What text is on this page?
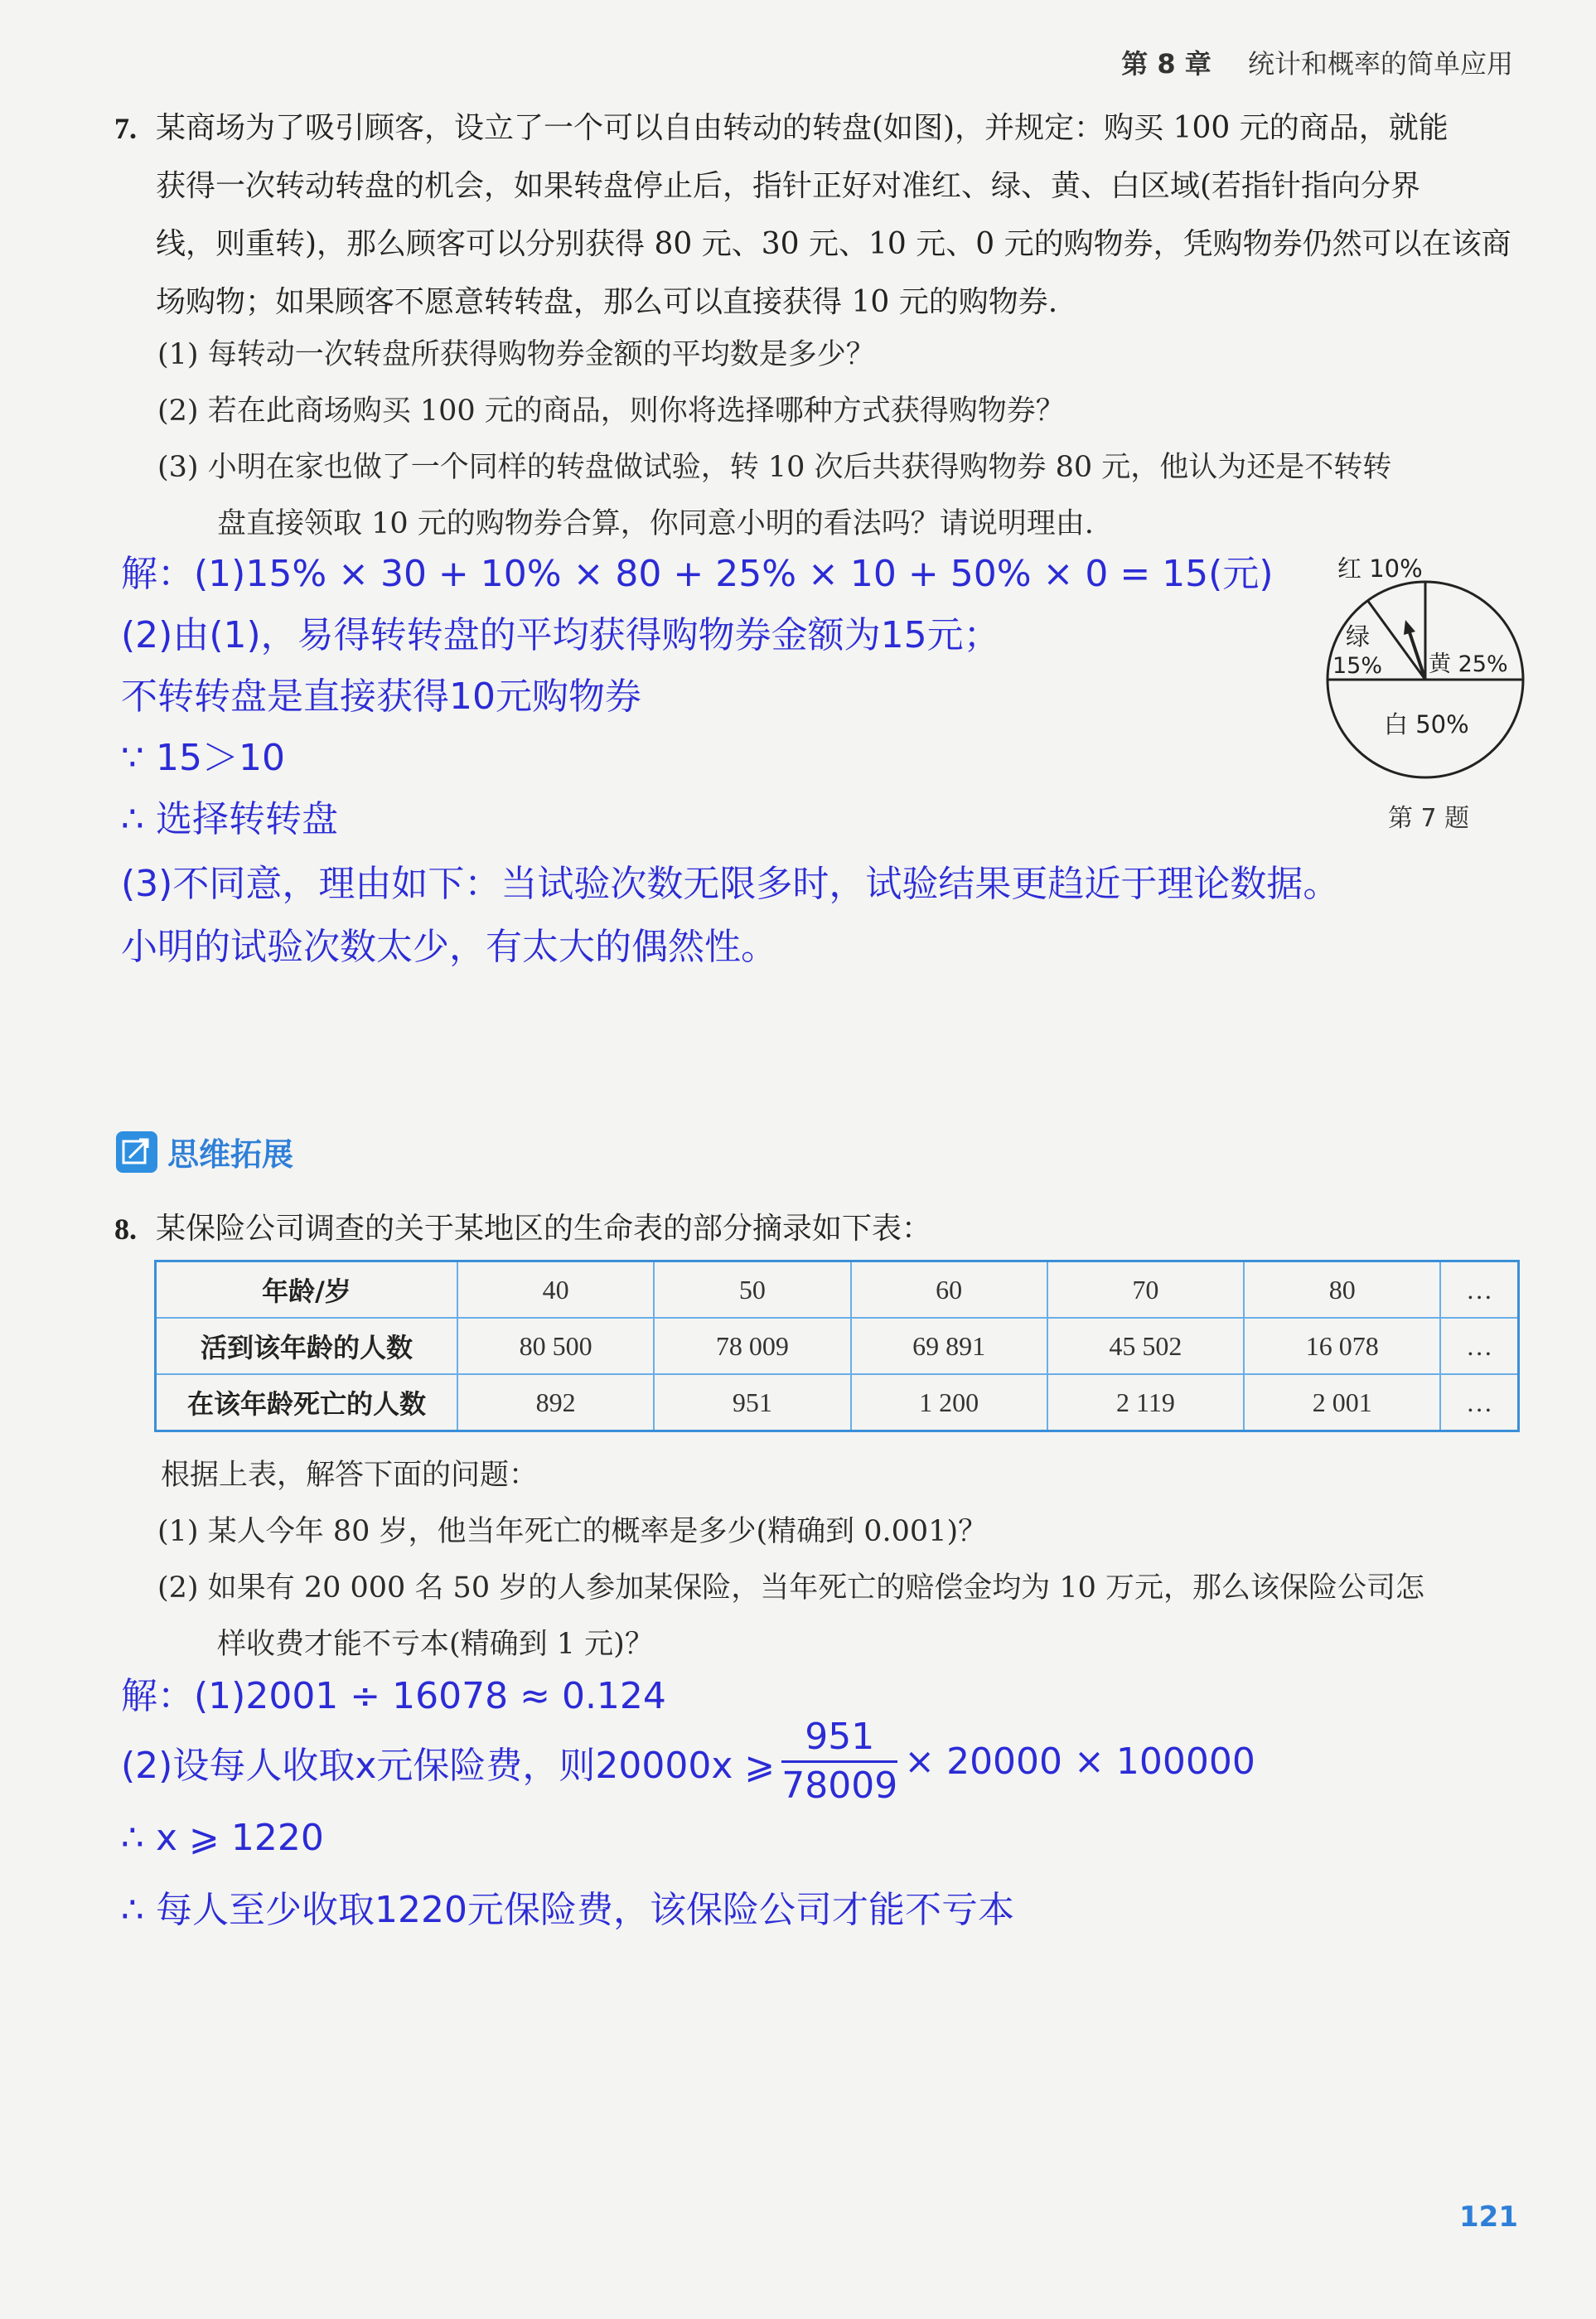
第 8 章 统计和概率的简单应用
7. 某商场为了吸引顾客，设立了一个可以自由转动的转盘(如图)，并规定：购买 100 元的商品，就能
获得一次转动转盘的机会，如果转盘停止后，指针正好对准红、绿、黄、白区域(若指针指向分界
线，则重转)，那么顾客可以分别获得 80 元、30 元、10 元、0 元的购物券，凭购物券仍然可以在该商
场购物；如果顾客不愿意转转盘，那么可以直接获得 10 元的购物券.
(1) 每转动一次转盘所获得购物券金额的平均数是多少？
(2) 若在此商场购买 100 元的商品，则你将选择哪种方式获得购物券？
(3) 小明在家也做了一个同样的转盘做试验，转 10 次后共获得购物券 80 元，他认为还是不转转
盘直接领取 10 元的购物券合算，你同意小明的看法吗？请说明理由.
解：(1)15% × 30 + 10% × 80 + 25% × 10 + 50% × 0 = 15(元)
(2)由(1)，易得转转盘的平均获得购物券金额为15元；
不转转盘是直接获得10元购物券
∵ 15＞10
∴ 选择转转盘
(3)不同意，理由如下：当试验次数无限多时，试验结果更趋近于理论数据。
小明的试验次数太少，有太大的偶然性。
红 10%
绿
15% 黄 25%
白 50%
第 7 题
思维拓展
8. 某保险公司调查的关于某地区的生命表的部分摘录如下表：
年龄/岁	40	50	60	70	80	…
活到该年龄的人数	80 500	78 009	69 891	45 502	16 078	…
在该年龄死亡的人数	892	951	1 200	2 119	2 001	…
根据上表，解答下面的问题：
(1) 某人今年 80 岁，他当年死亡的概率是多少(精确到 0.001)？
(2) 如果有 20 000 名 50 岁的人参加某保险，当年死亡的赔偿金均为 10 万元，那么该保险公司怎
样收费才能不亏本(精确到 1 元)？
解：(1)2001 ÷ 16078 ≈ 0.124
(2)设每人收取x元保险费，则20000x ⩾ $\frac{951}{78009} \times 20000 \times 100000$
∴ x ⩾ 1220
∴ 每人至少收取1220元保险费，该保险公司才能不亏本
121
